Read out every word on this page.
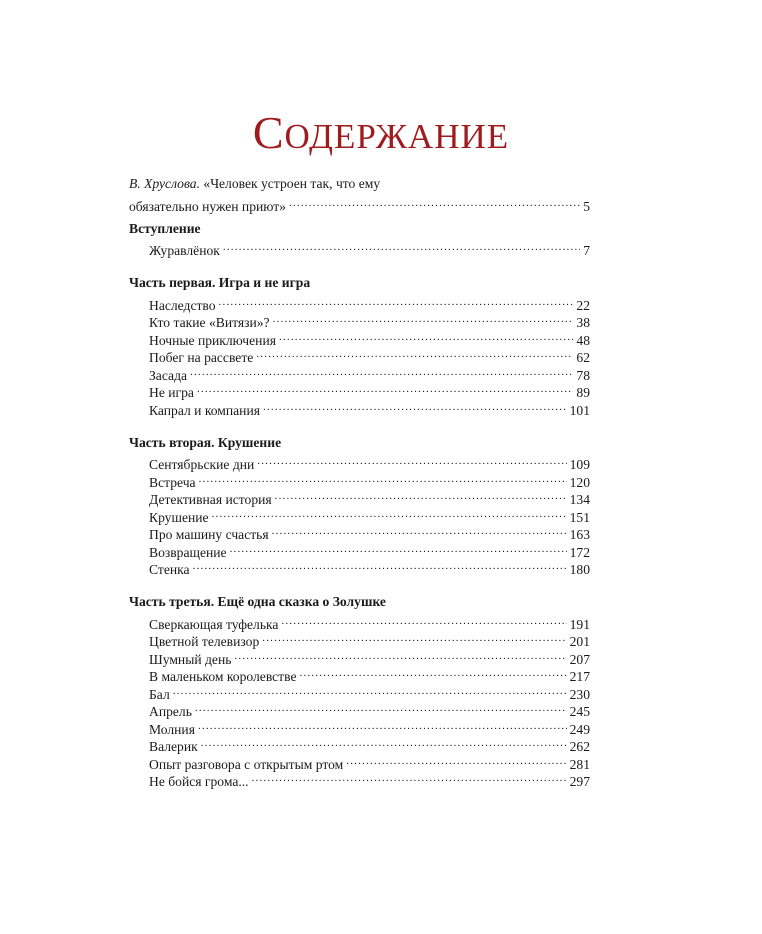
СОДЕРЖАНИЕ
В. Хруслова. «Человек устроен так, что ему
обязательно нужен приют» .....	5
Вступление
Журавлёнок .....	7
Часть первая. Игра и не игра
Наследство .....	22
Кто такие «Витязи»? .....	38
Ночные приключения .....	48
Побег на рассвете .....	62
Засада .....	78
Не игра .....	89
Капрал и компания .....	101
Часть вторая. Крушение
Сентябрьские дни .....	109
Встреча .....	120
Детективная история .....	134
Крушение .....	151
Про машину счастья .....	163
Возвращение .....	172
Стенка .....	180
Часть третья. Ещё одна сказка о Золушке
Сверкающая туфелька .....	191
Цветной телевизор .....	201
Шумный день .....	207
В маленьком королевстве .....	217
Бал .....	230
Апрель .....	245
Молния .....	249
Валерик .....	262
Опыт разговора с открытым ртом .....	281
Не бойся грома... .....	297
